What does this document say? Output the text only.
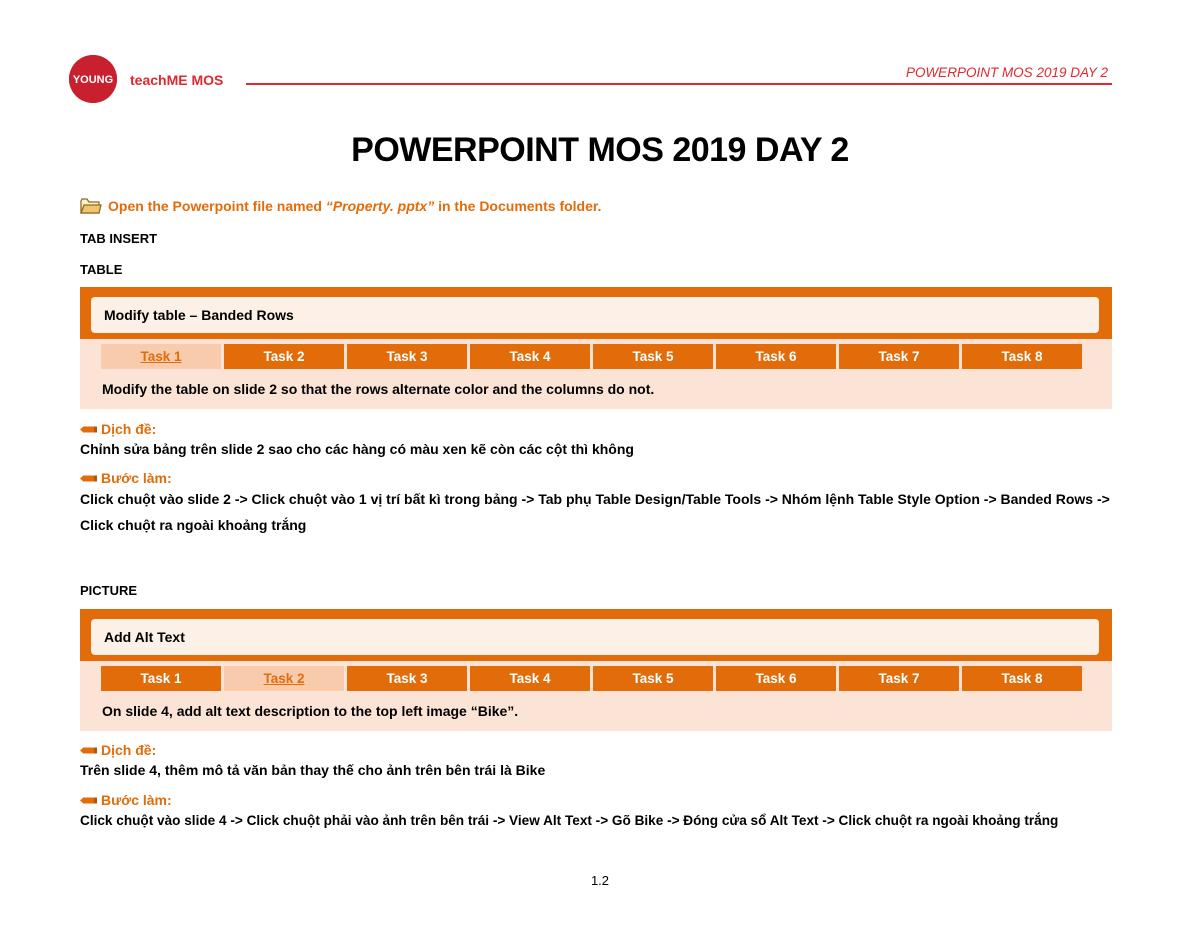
YOUNG teachME MOS	POWERPOINT MOS 2019 DAY 2
POWERPOINT MOS 2019 DAY 2
Open the Powerpoint file named “Property. pptx” in the Documents folder.
TAB INSERT
TABLE
Modify table – Banded Rows
Task 1	Task 2	Task 3	Task 4	Task 5	Task 6	Task 7	Task 8
Modify the table on slide 2 so that the rows alternate color and the columns do not.
Dịch đề:
Chỉnh sửa bảng trên slide 2 sao cho các hàng có màu xen kẽ còn các cột thì không
Bước làm:
Click chuột vào slide 2 -> Click chuột vào 1 vị trí bất kì trong bảng -> Tab phụ Table Design/Table Tools -> Nhóm lệnh Table Style Option -> Banded Rows -> Click chuột ra ngoài khoảng trắng
PICTURE
Add Alt Text
Task 1	Task 2	Task 3	Task 4	Task 5	Task 6	Task 7	Task 8
On slide 4, add alt text description to the top left image “Bike”.
Dịch đề:
Trên slide 4, thêm mô tả văn bản thay thế cho ảnh trên bên trái là Bike
Bước làm:
Click chuột vào slide 4 -> Click chuột phải vào ảnh trên bên trái -> View Alt Text -> Gõ Bike -> Đóng cửa sổ Alt Text -> Click chuột ra ngoài khoảng trắng
1.2
